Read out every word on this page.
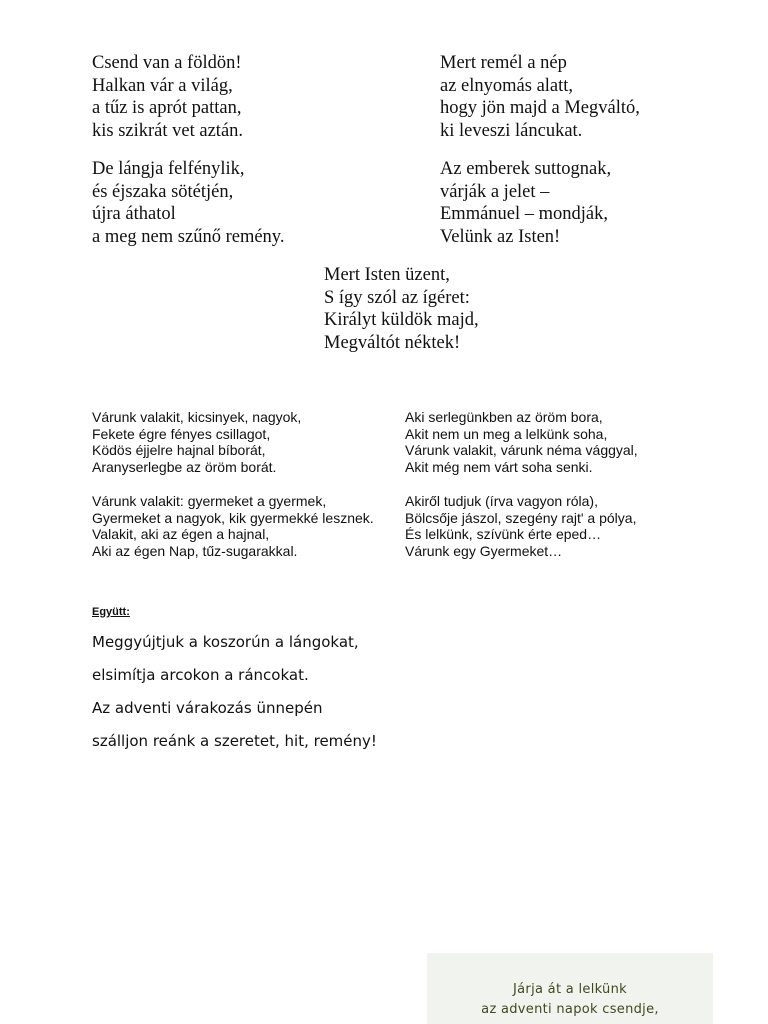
Csend van a földön!
Halkan vár a világ,
a tűz is aprót pattan,
kis szikrát vet aztán.
De lángja felfénylik,
és éjszaka sötétjén,
újra áthatol
a meg nem szűnő remény.
Mert remél a nép
az elnyomás alatt,
hogy jön majd a Megváltó,
ki leveszi láncukat.
Az emberek suttognak,
várják a jelet –
Emmánuel – mondják,
Velünk az Isten!
Mert Isten üzent,
S így szól az ígéret:
Királyt küldök majd,
Megváltót néktek!
Várunk valakit, kicsinyek, nagyok,
Fekete égre fényes csillagot,
Ködös éjjelre hajnal bíborát,
Aranyserlegbe az öröm borát.
Várunk valakit: gyermeket a gyermek,
Gyermeket a nagyok, kik gyermekké lesznek.
Valakit, aki az égen a hajnal,
Aki az égen Nap, tűz-sugarakkal.
Aki serlegünkben az öröm bora,
Akit nem un meg a lelkünk soha,
Várunk valakit, várunk néma vággyal,
Akit még nem várt soha senki.
Akiről tudjuk (írva vagyon róla),
Bölcsője jászol, szegény rajt' a pólya,
És lelkünk, szívünk érte eped…
Várunk egy Gyermeket…
Együtt:
Meggyújtjuk a koszorún a lángokat,
elsimítja arcokon a ráncokat.
Az adventi várakozás ünnepén
szálljon reánk a szeretet, hit, remény!
Járja át a lelkünk
az adventi napok csendje,
